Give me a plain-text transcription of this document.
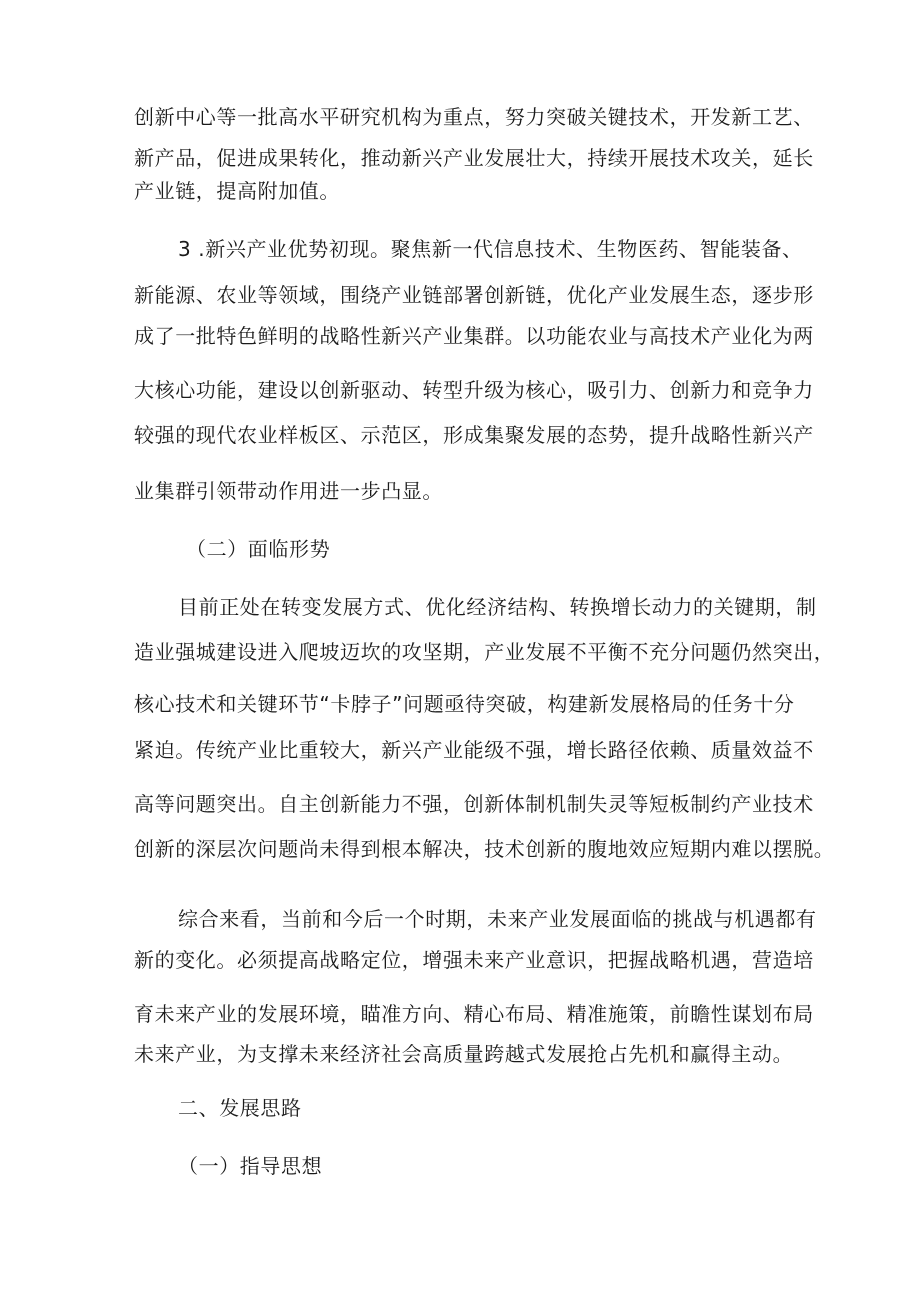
创新中心等一批高水平研究机构为重点，努力突破关键技术，开发新工艺、
新产品，促进成果转化，推动新兴产业发展壮大，持续开展技术攻关，延长
产业链，提高附加值。
3 .新兴产业优势初现。聚焦新一代信息技术、生物医药、智能装备、
新能源、农业等领域，围绕产业链部署创新链，优化产业发展生态，逐步形
成了一批特色鲜明的战略性新兴产业集群。以功能农业与高技术产业化为两
大核心功能，建设以创新驱动、转型升级为核心，吸引力、创新力和竞争力
较强的现代农业样板区、示范区，形成集聚发展的态势，提升战略性新兴产
业集群引领带动作用进一步凸显。
（二）面临形势
目前正处在转变发展方式、优化经济结构、转换增长动力的关键期，制
造业强城建设进入爬坡迈坎的攻坚期，产业发展不平衡不充分问题仍然突出，
核心技术和关键环节“卡脖子”问题亟待突破，构建新发展格局的任务十分
紧迫。传统产业比重较大，新兴产业能级不强，增长路径依赖、质量效益不
高等问题突出。自主创新能力不强，创新体制机制失灵等短板制约产业技术
创新的深层次问题尚未得到根本解决，技术创新的腹地效应短期内难以摆脱。
综合来看，当前和今后一个时期，未来产业发展面临的挑战与机遇都有
新的变化。必须提高战略定位，增强未来产业意识，把握战略机遇，营造培
育未来产业的发展环境，瞄准方向、精心布局、精准施策，前瞻性谋划布局
未来产业，为支撑未来经济社会高质量跨越式发展抢占先机和赢得主动。
二、发展思路
（一）指导思想
